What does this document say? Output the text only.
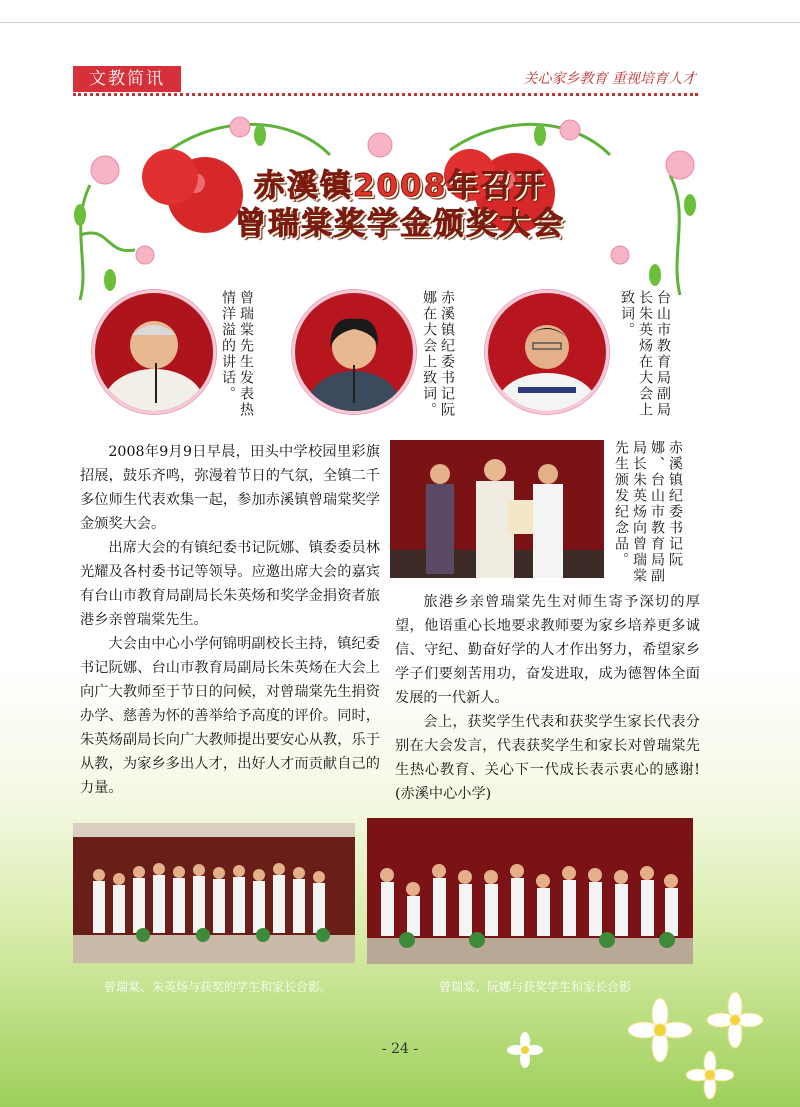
文教简讯	关心家乡教育 重视培育人才
赤溪镇2008年召开
曾瑞棠奖学金颁奖大会
曾瑞棠先生发表热情洋溢的讲话。	赤溪镇纪委书记阮娜在大会上致词。	台山市教育局副局长朱英炀在大会上致词。

2008年9月9日早晨，田头中学校园里彩旗招展，鼓乐齐鸣，弥漫着节日的气氛，全镇二千多位师生代表欢集一起，参加赤溪镇曾瑞棠奖学金颁奖大会。

出席大会的有镇纪委书记阮娜、镇委委员林光耀及各村委书记等领导。应邀出席大会的嘉宾有台山市教育局副局长朱英炀和奖学金捐资者旅港乡亲曾瑞棠先生。

大会由中心小学何锦明副校长主持，镇纪委书记阮娜、台山市教育局副局长朱英炀在大会上向广大教师至于节日的问候，对曾瑞棠先生捐资办学、慈善为怀的善举给予高度的评价。同时，朱英炀副局长向广大教师提出要安心从教，乐于从教，为家乡多出人才，出好人才而贡献自己的力量。

赤溪镇纪委书记阮娜、台山市教育局副局长朱英炀向曾瑞棠先生颁发纪念品。

旅港乡亲曾瑞棠先生对师生寄予深切的厚望，他语重心长地要求教师要为家乡培养更多诚信、守纪、勤奋好学的人才作出努力，希望家乡学子们要刻苦用功，奋发进取，成为德智体全面发展的一代新人。

会上，获奖学生代表和获奖学生家长代表分别在大会发言，代表获奖学生和家长对曾瑞棠先生热心教育、关心下一代成长表示衷心的感谢!(赤溪中心小学)

曾瑞棠、朱英炀与获奖的学生和家长合影。	曾瑞棠、阮娜与获奖学生和家长合影
- 24 -
